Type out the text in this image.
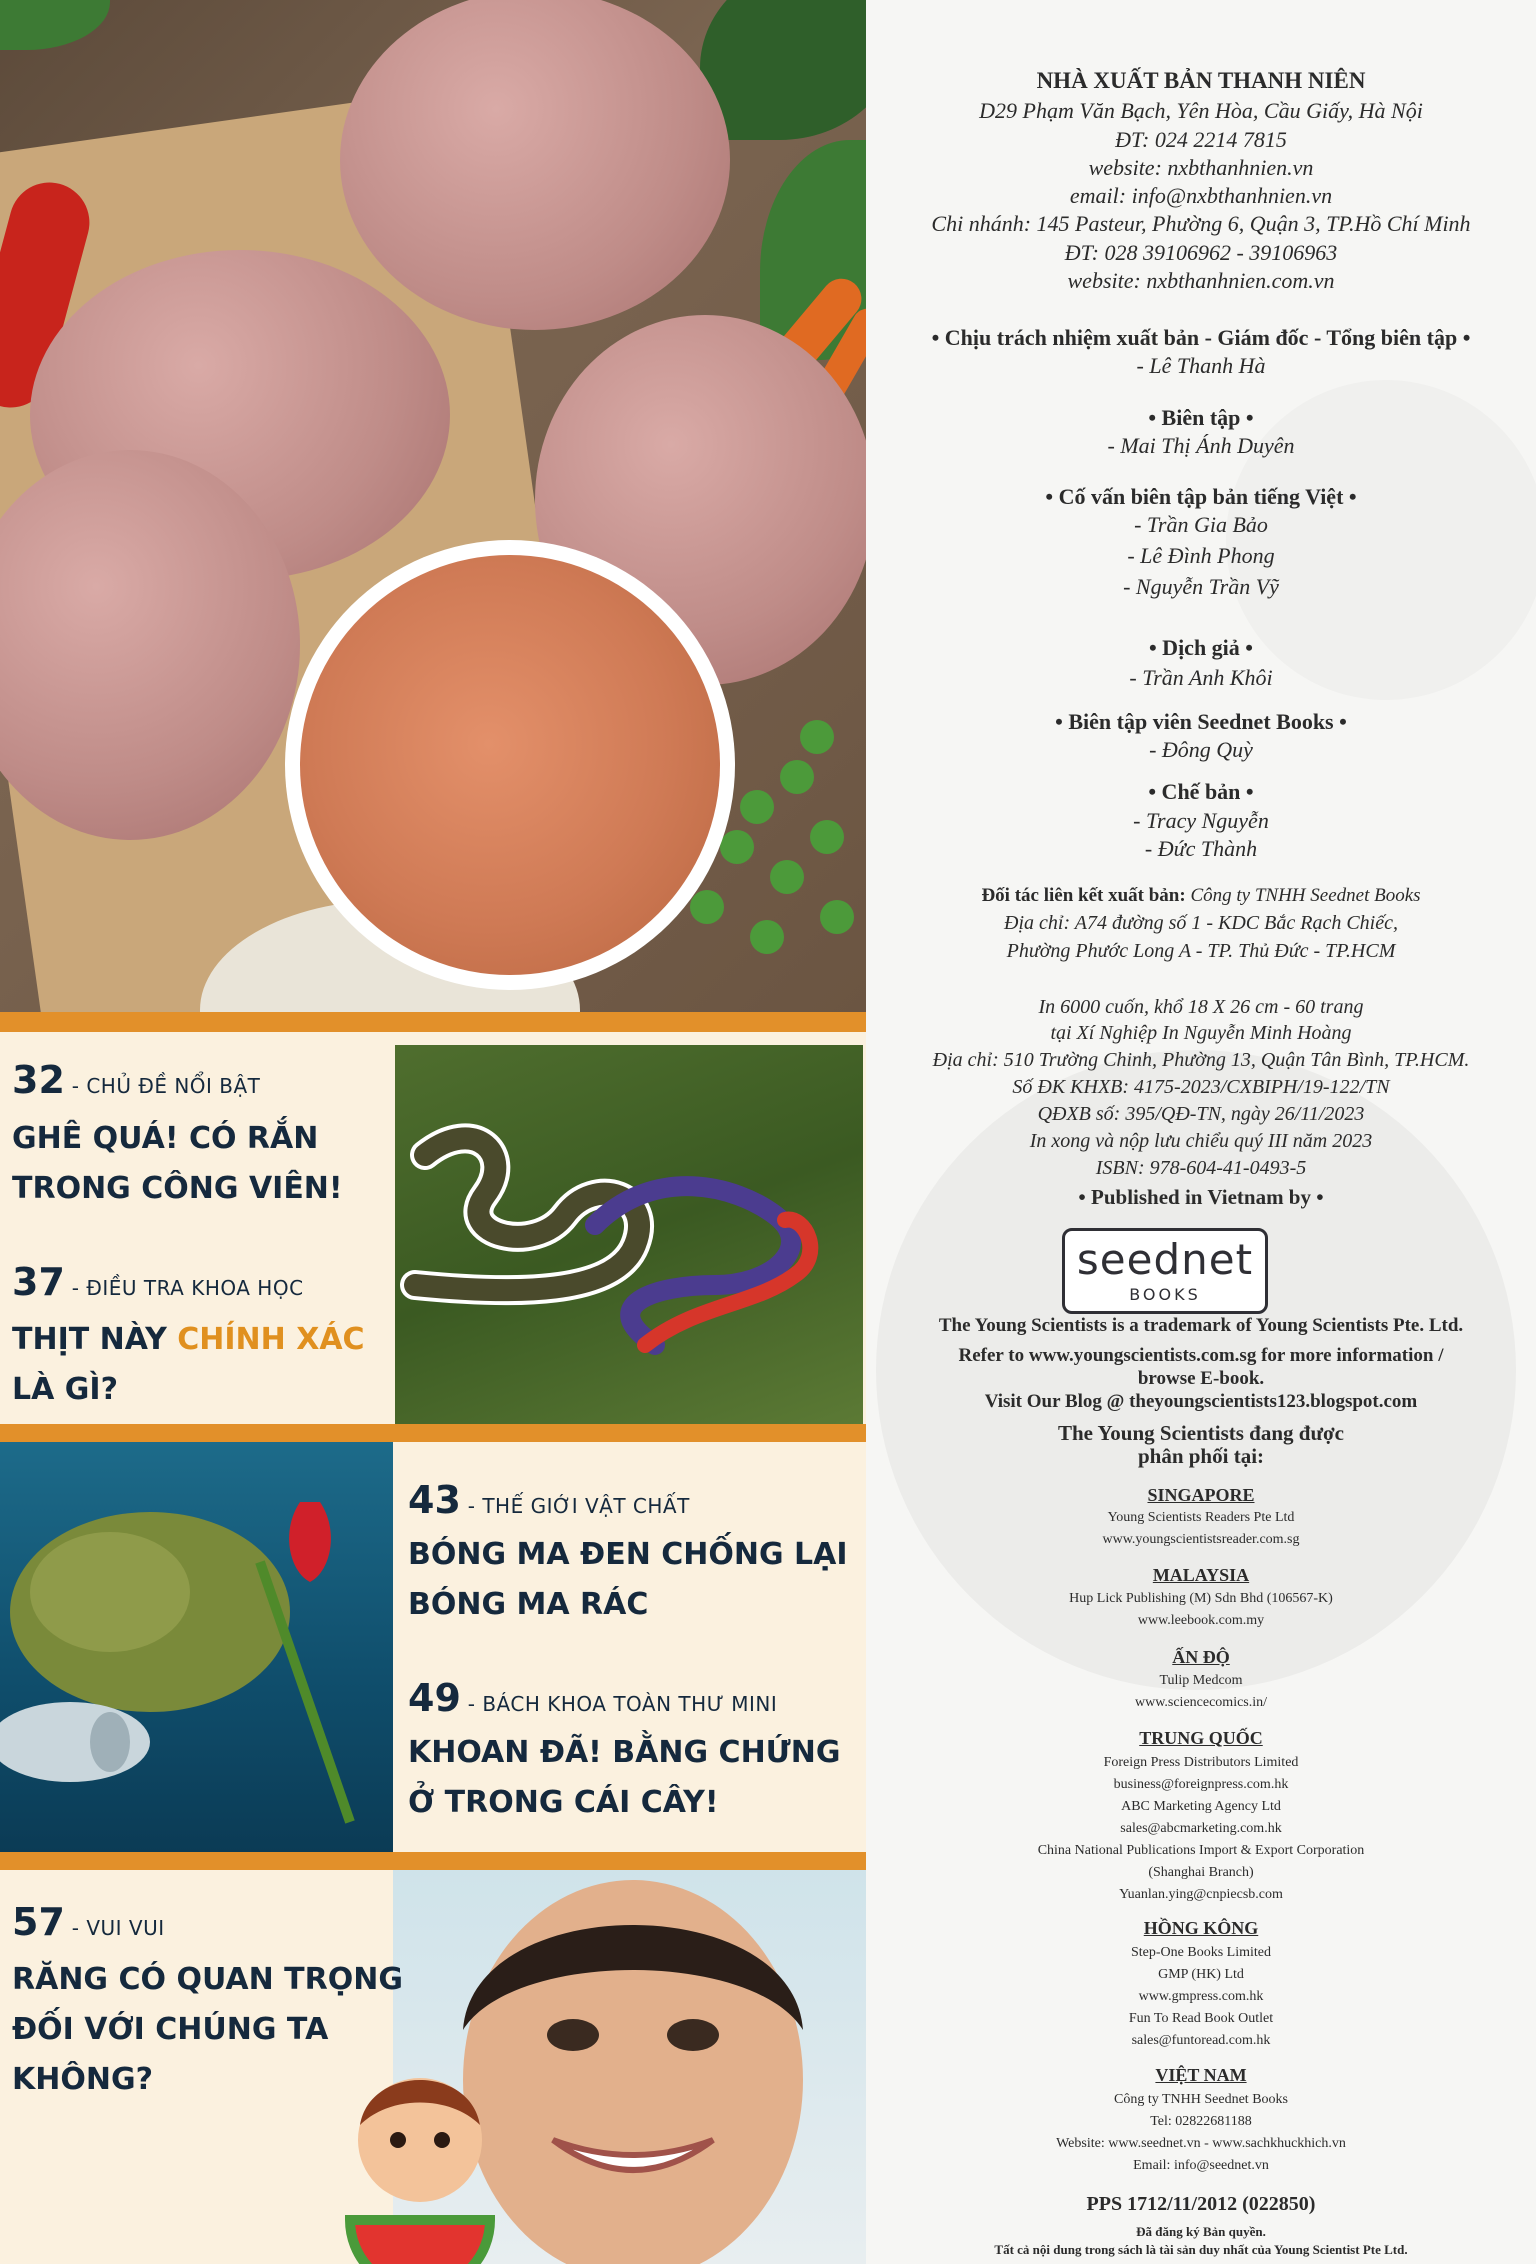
32 - CHỦ ĐỀ NỔI BẬT
GHÊ QUÁ! CÓ RẮN
TRONG CÔNG VIÊN!
37 - ĐIỀU TRA KHOA HỌC
THỊT NÀY CHÍNH XÁC
LÀ GÌ?
43 - THẾ GIỚI VẬT CHẤT
BÓNG MA ĐEN CHỐNG LẠI
BÓNG MA RÁC
49 - BÁCH KHOA TOÀN THƯ MINI
KHOAN ĐÃ! BẰNG CHỨNG
Ở TRONG CÁI CÂY!
57 - VUI VUI
RĂNG CÓ QUAN TRỌNG
ĐỐI VỚI CHÚNG TA
KHÔNG?
NHÀ XUẤT BẢN THANH NIÊN
D29 Phạm Văn Bạch, Yên Hòa, Cầu Giấy, Hà Nội
ĐT: 024 2214 7815
website: nxbthanhnien.vn
email: info@nxbthanhnien.vn
Chi nhánh: 145 Pasteur, Phường 6, Quận 3, TP.Hồ Chí Minh
ĐT: 028 39106962 - 39106963
website: nxbthanhnien.com.vn
• Chịu trách nhiệm xuất bản - Giám đốc - Tổng biên tập •
- Lê Thanh Hà
• Biên tập •
- Mai Thị Ánh Duyên
• Cố vấn biên tập bản tiếng Việt •
- Trần Gia Bảo
- Lê Đình Phong
- Nguyễn Trần Vỹ
• Dịch giả •
- Trần Anh Khôi
• Biên tập viên Seednet Books •
- Đông Quỳ
• Chế bản •
- Tracy Nguyễn
- Đức Thành
Đối tác liên kết xuất bản: Công ty TNHH Seednet Books
Địa chỉ: A74 đường số 1 - KDC Bắc Rạch Chiếc,
Phường Phước Long A - TP. Thủ Đức - TP.HCM
In 6000 cuốn, khổ 18 X 26 cm - 60 trang
tại Xí Nghiệp In Nguyễn Minh Hoàng
Địa chỉ: 510 Trường Chinh, Phường 13, Quận Tân Bình, TP.HCM.
Số ĐK KHXB: 4175-2023/CXBIPH/19-122/TN
QĐXB số: 395/QĐ-TN, ngày 26/11/2023
In xong và nộp lưu chiểu quý III năm 2023
ISBN: 978-604-41-0493-5
• Published in Vietnam by •
seednet
BOOKS
The Young Scientists is a trademark of Young Scientists Pte. Ltd.
Refer to www.youngscientists.com.sg for more information /
browse E-book.
Visit Our Blog @ theyoungscientists123.blogspot.com
The Young Scientists đang được
phân phối tại:
SINGAPORE
Young Scientists Readers Pte Ltd
www.youngscientistsreader.com.sg
MALAYSIA
Hup Lick Publishing (M) Sdn Bhd (106567-K)
www.leebook.com.my
ẤN ĐỘ
Tulip Medcom
www.sciencecomics.in/
TRUNG QUỐC
Foreign Press Distributors Limited
business@foreignpress.com.hk
ABC Marketing Agency Ltd
sales@abcmarketing.com.hk
China National Publications Import & Export Corporation
(Shanghai Branch)
Yuanlan.ying@cnpiecsb.com
HỒNG KÔNG
Step-One Books Limited
GMP (HK) Ltd
www.gmpress.com.hk
Fun To Read Book Outlet
sales@funtoread.com.hk
VIỆT NAM
Công ty TNHH Seednet Books
Tel: 02822681188
Website: www.seednet.vn - www.sachkhuckhich.vn
Email: info@seednet.vn
PPS 1712/11/2012 (022850)
Đã đăng ký Bản quyền.
Tất cả nội dung trong sách là tài sản duy nhất của Young Scientist Pte Ltd.
